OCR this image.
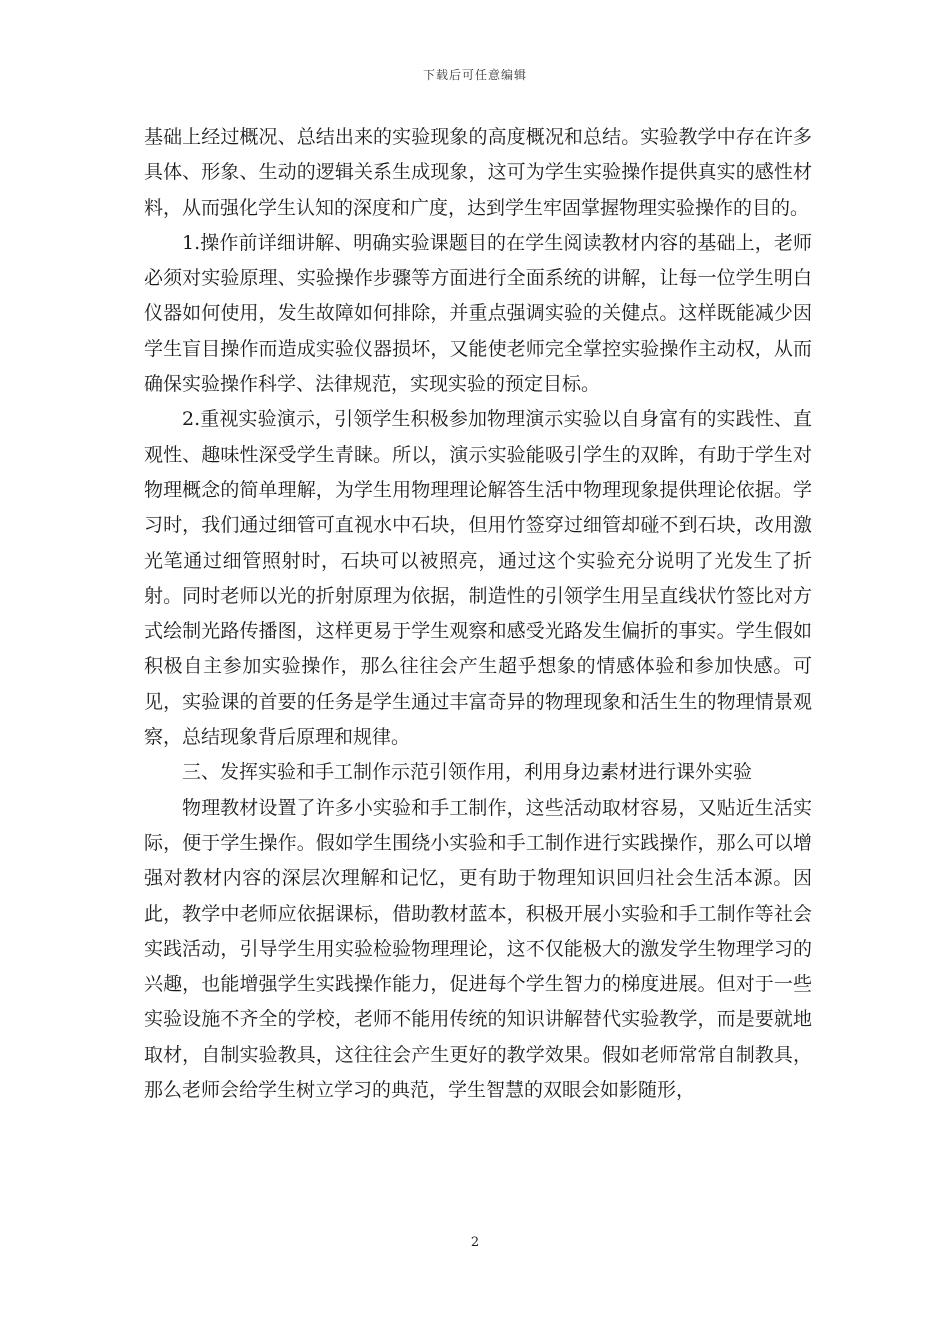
下载后可任意编辑

基础上经过概况、总结出来的实验现象的高度概况和总结。实验教学中存在许多具体、形象、生动的逻辑关系生成现象，这可为学生实验操作提供真实的感性材料，从而强化学生认知的深度和广度，达到学生牢固掌握物理实验操作的目的。

1.操作前详细讲解、明确实验课题目的在学生阅读教材内容的基础上，老师必须对实验原理、实验操作步骤等方面进行全面系统的讲解，让每一位学生明白仪器如何使用，发生故障如何排除，并重点强调实验的关健点。这样既能减少因学生盲目操作而造成实验仪器损坏，又能使老师完全掌控实验操作主动权，从而确保实验操作科学、法律规范，实现实验的预定目标。

2.重视实验演示，引领学生积极参加物理演示实验以自身富有的实践性、直观性、趣味性深受学生青睐。所以，演示实验能吸引学生的双眸，有助于学生对物理概念的简单理解，为学生用物理理论解答生活中物理现象提供理论依据。学习时，我们通过细管可直视水中石块，但用竹签穿过细管却碰不到石块，改用激光笔通过细管照射时，石块可以被照亮，通过这个实验充分说明了光发生了折射。同时老师以光的折射原理为依据，制造性的引领学生用呈直线状竹签比对方式绘制光路传播图，这样更易于学生观察和感受光路发生偏折的事实。学生假如积极自主参加实验操作，那么往往会产生超乎想象的情感体验和参加快感。可见，实验课的首要的任务是学生通过丰富奇异的物理现象和活生生的物理情景观察，总结现象背后原理和规律。

三、发挥实验和手工制作示范引领作用，利用身边素材进行课外实验

物理教材设置了许多小实验和手工制作，这些活动取材容易，又贴近生活实际，便于学生操作。假如学生围绕小实验和手工制作进行实践操作，那么可以增强对教材内容的深层次理解和记忆，更有助于物理知识回归社会生活本源。因此，教学中老师应依据课标，借助教材蓝本，积极开展小实验和手工制作等社会实践活动，引导学生用实验检验物理理论，这不仅能极大的激发学生物理学习的兴趣，也能增强学生实践操作能力，促进每个学生智力的梯度进展。但对于一些实验设施不齐全的学校，老师不能用传统的知识讲解替代实验教学，而是要就地取材，自制实验教具，这往往会产生更好的教学效果。假如老师常常自制教具，那么老师会给学生树立学习的典范，学生智慧的双眼会如影随形，

2
